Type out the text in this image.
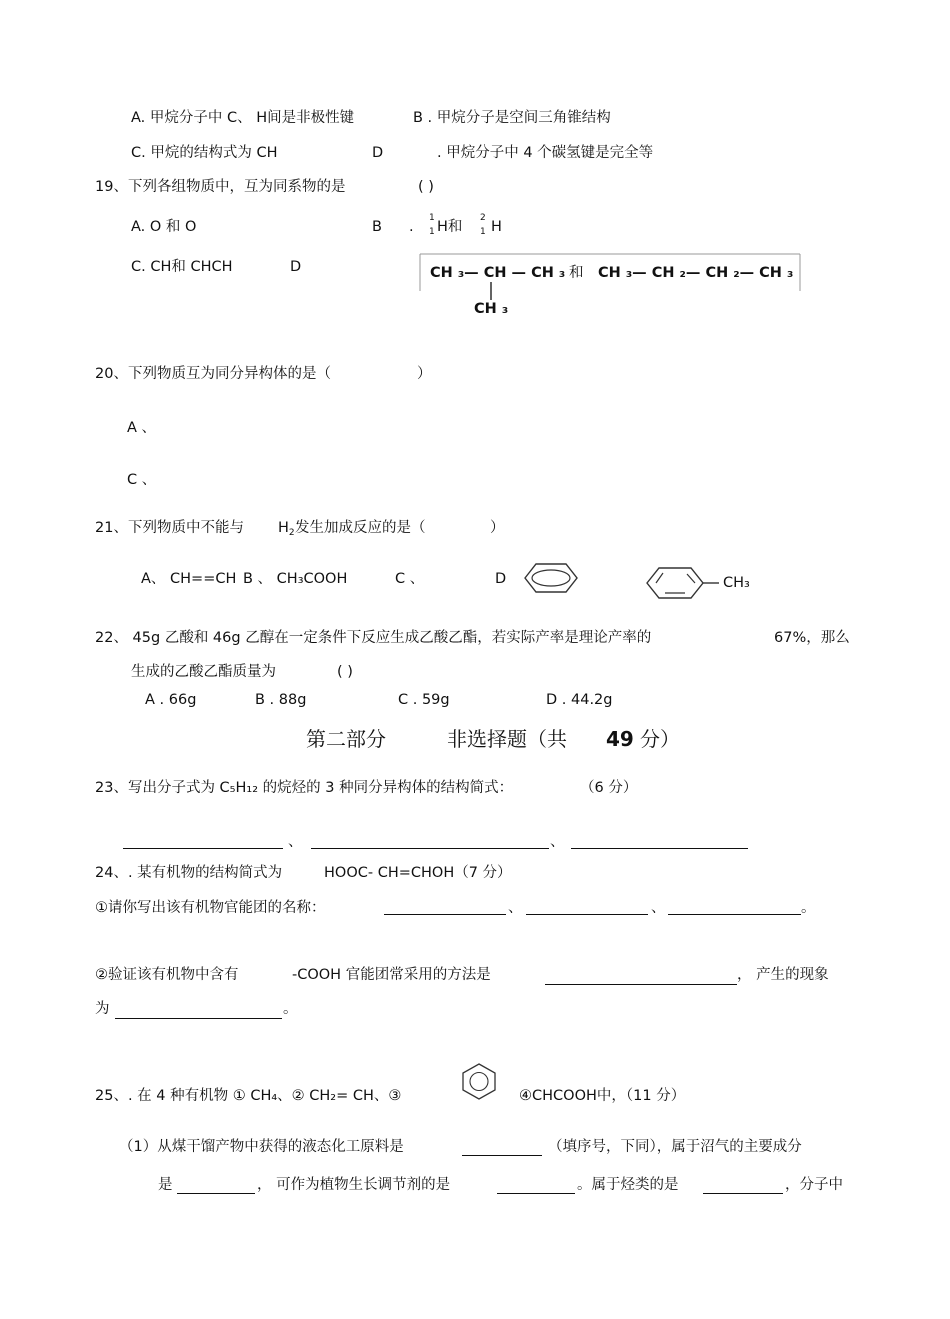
A. 甲烷分子中 C、 H间是非极性键	B . 甲烷分子是空间三角锥结构
C. 甲烷的结构式为 CH	D	. 甲烷分子中 4 个碳氢键是完全等
19、下列各组物质中，互为同系物的是	( )
A. O 和 O	B .
1
1 H和
2
1 H
C. CH和 CHCH	D	CH ₃— CH — CH ₃
CH ₃
和 CH ₃— CH ₂— CH ₂— CH ₃
20、下列物质互为同分异构体的是（	）
A 、
C 、
21、下列物质中不能与 $H_2$ 发生加成反应的是（	）
A、 CH==CH B 、 CH₃COOH	C 、	D	CH₃
22、 45g 乙酸和 46g 乙醇在一定条件下反应生成乙酸乙酯，若实际产率是理论产率的	67%，那么
生成的乙酸乙酯质量为	( )
A . 66g	B . 88g	C . 59g	D . 44.2g
第二部分	非选择题（共 49 分）
23、写出分子式为 C₅H₁₂ 的烷烃的 3 种同分异构体的结构简式：	（6 分）
、	、
24、. 某有机物的结构简式为	HOOC- CH=CHOH（7 分）
①请你写出该有机物官能团的名称：	、	、	。
②验证该有机物中含有	-COOH 官能团常采用的方法是	， 产生的现象
为	。
25、. 在 4 种有机物 ① CH₄、② CH₂= CH、③	④CHCOOH中，（11 分）
（1）从煤干馏产物中获得的液态化工原料是	（填序号，下同），属于沼气的主要成分
是	， 可作为植物生长调节剂的是	。属于烃类的是	，分子中
